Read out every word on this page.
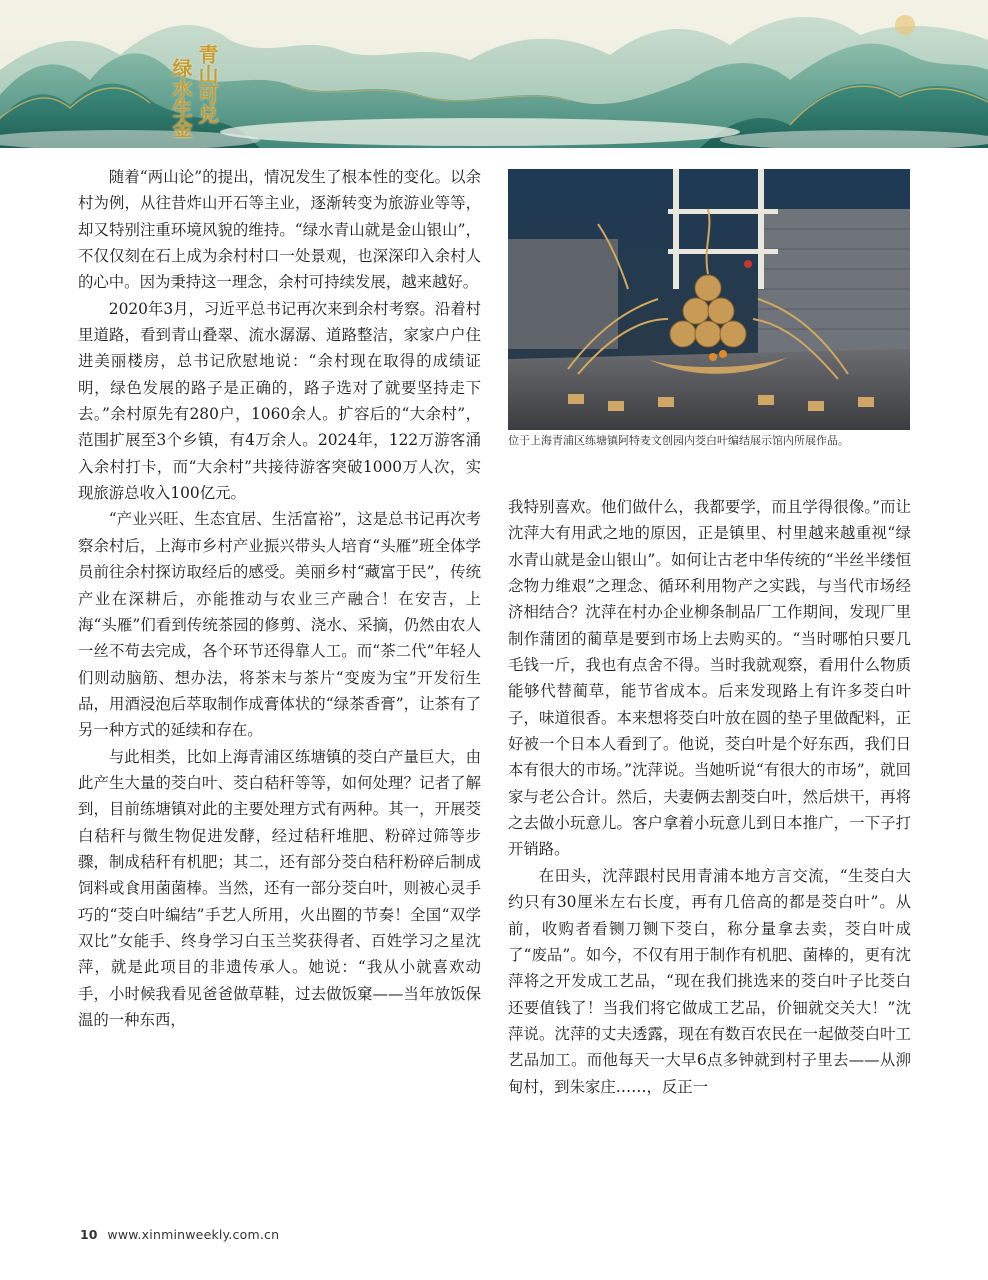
青山可兑
绿水生金

随着“两山论”的提出，情况发生了根本性的变化。以余村为例，从往昔炸山开石等主业，逐渐转变为旅游业等等，却又特别注重环境风貌的维持。“绿水青山就是金山银山”，不仅仅刻在石上成为余村村口一处景观，也深深印入余村人的心中。因为秉持这一理念，余村可持续发展，越来越好。

2020年3月，习近平总书记再次来到余村考察。沿着村里道路，看到青山叠翠、流水潺潺、道路整洁，家家户户住进美丽楼房，总书记欣慰地说：“余村现在取得的成绩证明，绿色发展的路子是正确的，路子选对了就要坚持走下去。”余村原先有280户，1060余人。扩容后的“大余村”，范围扩展至3个乡镇，有4万余人。2024年，122万游客涌入余村打卡，而“大余村”共接待游客突破1000万人次，实现旅游总收入100亿元。

“产业兴旺、生态宜居、生活富裕”，这是总书记再次考察余村后，上海市乡村产业振兴带头人培育“头雁”班全体学员前往余村探访取经后的感受。美丽乡村“藏富于民”，传统产业在深耕后，亦能推动与农业三产融合！在安吉，上海“头雁”们看到传统茶园的修剪、浇水、采摘，仍然由农人一丝不苟去完成，各个环节还得靠人工。而“茶二代”年轻人们则动脑筋、想办法，将茶末与茶片“变废为宝”开发衍生品，用酒浸泡后萃取制作成膏体状的“绿茶香膏”，让茶有了另一种方式的延续和存在。

与此相类，比如上海青浦区练塘镇的茭白产量巨大，由此产生大量的茭白叶、茭白秸秆等等，如何处理？记者了解到，目前练塘镇对此的主要处理方式有两种。其一，开展茭白秸秆与微生物促进发酵，经过秸秆堆肥、粉碎过筛等步骤，制成秸秆有机肥；其二，还有部分茭白秸秆粉碎后制成饲料或食用菌菌棒。当然，还有一部分茭白叶，则被心灵手巧的“茭白叶编结”手艺人所用，火出圈的节奏！全国“双学双比”女能手、终身学习白玉兰奖获得者、百姓学习之星沈萍，就是此项目的非遗传承人。她说：“我从小就喜欢动手，小时候我看见爸爸做草鞋，过去做饭窠——当年放饭保温的一种东西，

位于上海青浦区练塘镇阿特麦文创园内茭白叶编结展示馆内所展作品。

我特别喜欢。他们做什么，我都要学，而且学得很像。”而让沈萍大有用武之地的原因，正是镇里、村里越来越重视“绿水青山就是金山银山”。如何让古老中华传统的“半丝半缕恒念物力维艰”之理念、循环利用物产之实践，与当代市场经济相结合？沈萍在村办企业柳条制品厂工作期间，发现厂里制作蒲团的蔺草是要到市场上去购买的。“当时哪怕只要几毛钱一斤，我也有点舍不得。当时我就观察，看用什么物质能够代替蔺草，能节省成本。后来发现路上有许多茭白叶子，味道很香。本来想将茭白叶放在圆的垫子里做配料，正好被一个日本人看到了。他说，茭白叶是个好东西，我们日本有很大的市场。”沈萍说。当她听说“有很大的市场”，就回家与老公合计。然后，夫妻俩去割茭白叶，然后烘干，再将之去做小玩意儿。客户拿着小玩意儿到日本推广，一下子打开销路。

在田头，沈萍跟村民用青浦本地方言交流，“生茭白大约只有30厘米左右长度，再有几倍高的都是茭白叶”。从前，收购者看铡刀铡下茭白，称分量拿去卖，茭白叶成了“废品”。如今，不仅有用于制作有机肥、菌棒的，更有沈萍将之开发成工艺品，“现在我们挑选来的茭白叶子比茭白还要值钱了！当我们将它做成工艺品，价钿就交关大！”沈萍说。沈萍的丈夫透露，现在有数百农民在一起做茭白叶工艺品加工。而他每天一大早6点多钟就到村子里去——从泖甸村，到朱家庄……，反正一

10 www.xinminweekly.com.cn
